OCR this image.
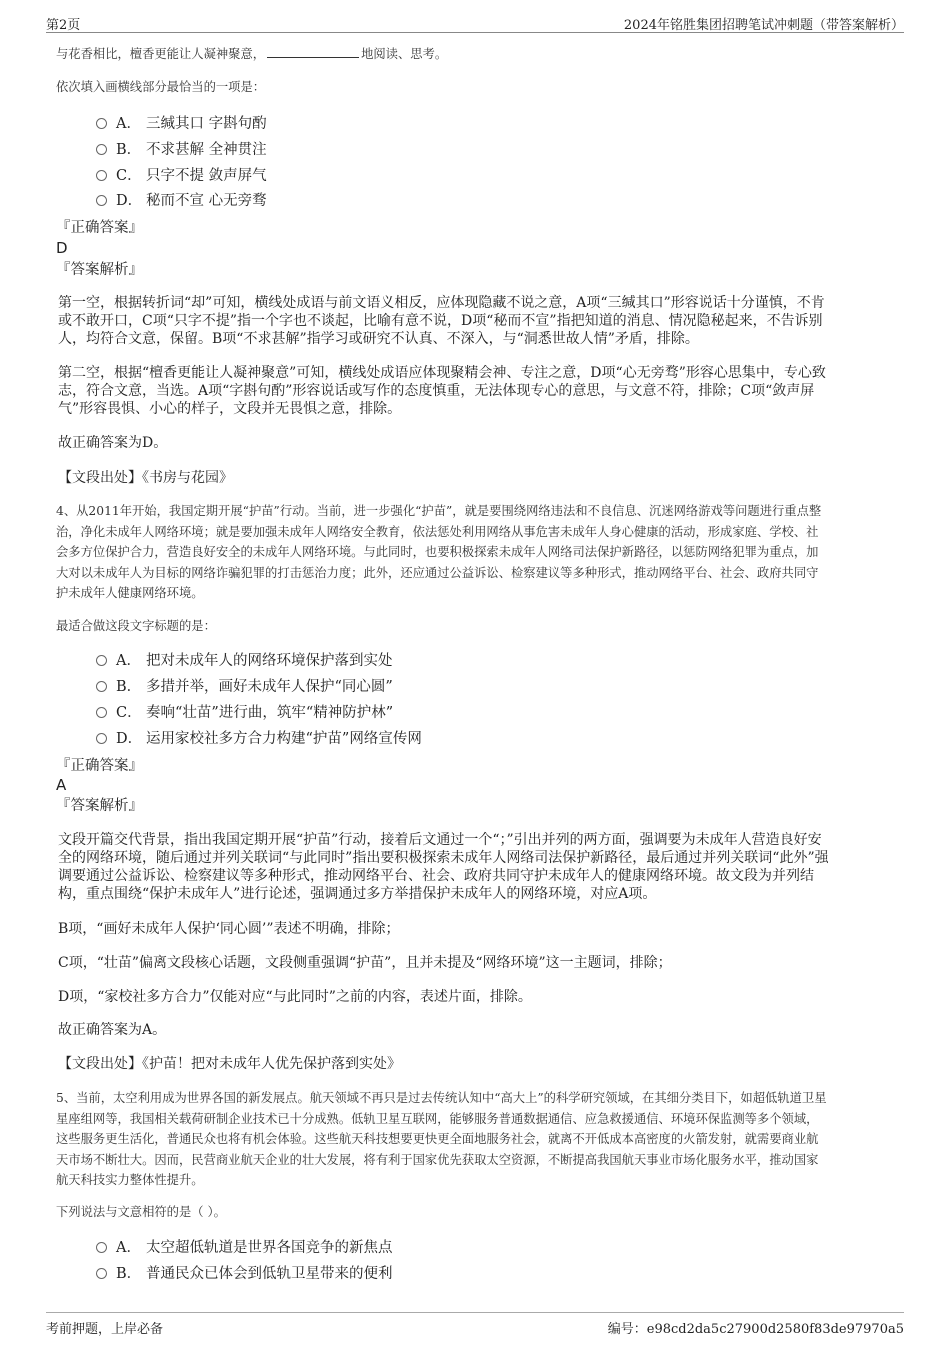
第2页	2024年铭胜集团招聘笔试冲刺题（带答案解析）
与花香相比，檀香更能让人凝神聚意，	地阅读、思考。
依次填入画横线部分最恰当的一项是：
A． 三缄其口 字斟句酌
B． 不求甚解 全神贯注
C． 只字不提 敛声屏气
D． 秘而不宣 心无旁骛
『正确答案』
D
『答案解析』
第一空，根据转折词“却”可知，横线处成语与前文语义相反，应体现隐藏不说之意，A项“三缄其口”形容说话十分谨慎，不肯
或不敢开口，C项“只字不提”指一个字也不谈起，比喻有意不说，D项“秘而不宣”指把知道的消息、情况隐秘起来，不告诉别
人，均符合文意，保留。B项“不求甚解”指学习或研究不认真、不深入，与“洞悉世故人情”矛盾，排除。
第二空，根据“檀香更能让人凝神聚意”可知，横线处成语应体现聚精会神、专注之意，D项“心无旁骛”形容心思集中，专心致
志，符合文意，当选。A项“字斟句酌”形容说话或写作的态度慎重，无法体现专心的意思，与文意不符，排除；C项“敛声屏
气”形容畏惧、小心的样子，文段并无畏惧之意，排除。
故正确答案为D。
【文段出处】《书房与花园》
4、从2011年开始，我国定期开展“护苗”行动。当前，进一步强化“护苗”，就是要围绕网络违法和不良信息、沉迷网络游戏等问题进行重点整
治，净化未成年人网络环境；就是要加强未成年人网络安全教育，依法惩处利用网络从事危害未成年人身心健康的活动，形成家庭、学校、社
会多方位保护合力，营造良好安全的未成年人网络环境。与此同时，也要积极探索未成年人网络司法保护新路径，以惩防网络犯罪为重点，加
大对以未成年人为目标的网络诈骗犯罪的打击惩治力度；此外，还应通过公益诉讼、检察建议等多种形式，推动网络平台、社会、政府共同守
护未成年人健康网络环境。
最适合做这段文字标题的是：
A． 把对未成年人的网络环境保护落到实处
B． 多措并举，画好未成年人保护“同心圆”
C． 奏响“壮苗”进行曲，筑牢“精神防护林”
D． 运用家校社多方合力构建“护苗”网络宣传网
『正确答案』
A
『答案解析』
文段开篇交代背景，指出我国定期开展“护苗”行动，接着后文通过一个“；”引出并列的两方面，强调要为未成年人营造良好安
全的网络环境，随后通过并列关联词“与此同时”指出要积极探索未成年人网络司法保护新路径，最后通过并列关联词“此外”强
调要通过公益诉讼、检察建议等多种形式，推动网络平台、社会、政府共同守护未成年人的健康网络环境。故文段为并列结
构，重点围绕“保护未成年人”进行论述，强调通过多方举措保护未成年人的网络环境，对应A项。
B项，“画好未成年人保护‘同心圆’”表述不明确，排除；
C项，“壮苗”偏离文段核心话题，文段侧重强调“护苗”，且并未提及“网络环境”这一主题词，排除；
D项，“家校社多方合力”仅能对应“与此同时”之前的内容，表述片面，排除。
故正确答案为A。
【文段出处】《护苗！把对未成年人优先保护落到实处》
5、当前，太空利用成为世界各国的新发展点。航天领域不再只是过去传统认知中“高大上”的科学研究领域，在其细分类目下，如超低轨道卫星
星座组网等，我国相关载荷研制企业技术已十分成熟。低轨卫星互联网，能够服务普通数据通信、应急救援通信、环境环保监测等多个领域，
这些服务更生活化，普通民众也将有机会体验。这些航天科技想要更快更全面地服务社会，就离不开低成本高密度的火箭发射，就需要商业航
天市场不断壮大。因而，民营商业航天企业的壮大发展，将有利于国家优先获取太空资源，不断提高我国航天事业市场化服务水平，推动国家
航天科技实力整体性提升。
下列说法与文意相符的是（ ）。
A． 太空超低轨道是世界各国竞争的新焦点
B． 普通民众已体会到低轨卫星带来的便利
考前押题，上岸必备	编号：e98cd2da5c27900d2580f83de97970a5
